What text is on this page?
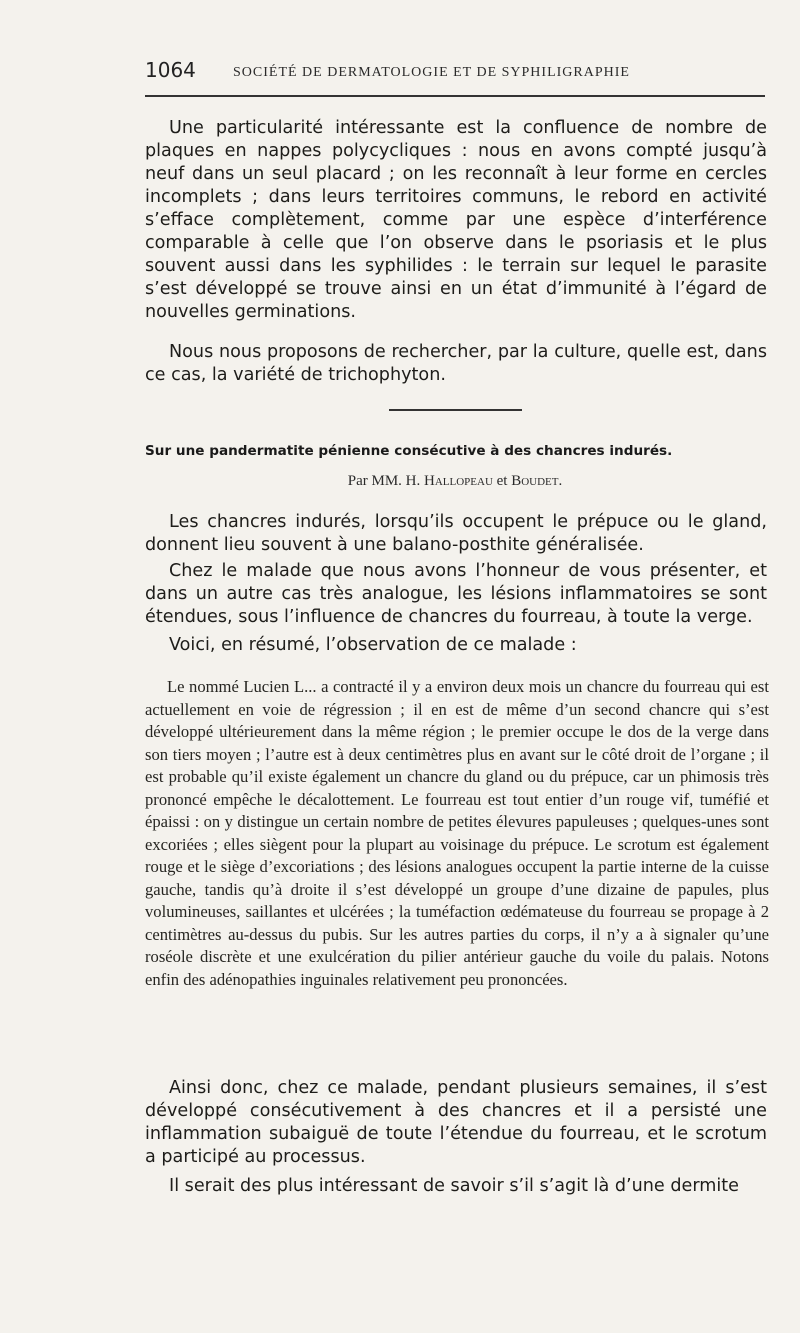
1064	SOCIÉTÉ DE DERMATOLOGIE ET DE SYPHILIGRAPHIE

Une particularité intéressante est la confluence de nombre de plaques en nappes polycycliques : nous en avons compté jusqu’à neuf dans un seul placard ; on les reconnaît à leur forme en cercles incomplets ; dans leurs territoires communs, le rebord en activité s’efface complètement, comme par une espèce d’interférence comparable à celle que l’on observe dans le psoriasis et le plus souvent aussi dans les syphilides : le terrain sur lequel le parasite s’est développé se trouve ainsi en un état d’immunité à l’égard de nouvelles germinations.

Nous nous proposons de rechercher, par la culture, quelle est, dans ce cas, la variété de trichophyton.

Sur une pandermatite pénienne consécutive à des chancres indurés.
Par MM. H. Hallopeau et Boudet.

Les chancres indurés, lorsqu’ils occupent le prépuce ou le gland, donnent lieu souvent à une balano-posthite généralisée.

Chez le malade que nous avons l’honneur de vous présenter, et dans un autre cas très analogue, les lésions inflammatoires se sont étendues, sous l’influence de chancres du fourreau, à toute la verge.

Voici, en résumé, l’observation de ce malade :

Le nommé Lucien L... a contracté il y a environ deux mois un chancre du fourreau qui est actuellement en voie de régression ; il en est de même d’un second chancre qui s’est développé ultérieurement dans la même région ; le premier occupe le dos de la verge dans son tiers moyen ; l’autre est à deux centimètres plus en avant sur le côté droit de l’organe ; il est probable qu’il existe également un chancre du gland ou du prépuce, car un phimosis très prononcé empêche le décalottement. Le fourreau est tout entier d’un rouge vif, tuméfié et épaissi : on y distingue un certain nombre de petites élevures papuleuses ; quelques-unes sont excoriées ; elles siègent pour la plupart au voisinage du prépuce. Le scrotum est également rouge et le siège d’excoriations ; des lésions analogues occupent la partie interne de la cuisse gauche, tandis qu’à droite il s’est développé un groupe d’une dizaine de papules, plus volumineuses, saillantes et ulcérées ; la tuméfaction œdémateuse du fourreau se propage à 2 centimètres au-dessus du pubis. Sur les autres parties du corps, il n’y a à signaler qu’une roséole discrète et une exulcération du pilier antérieur gauche du voile du palais. Notons enfin des adénopathies inguinales relativement peu prononcées.

Ainsi donc, chez ce malade, pendant plusieurs semaines, il s’est développé consécutivement à des chancres et il a persisté une inflammation subaiguë de toute l’étendue du fourreau, et le scrotum a participé au processus.

Il serait des plus intéressant de savoir s’il s’agit là d’une dermite
